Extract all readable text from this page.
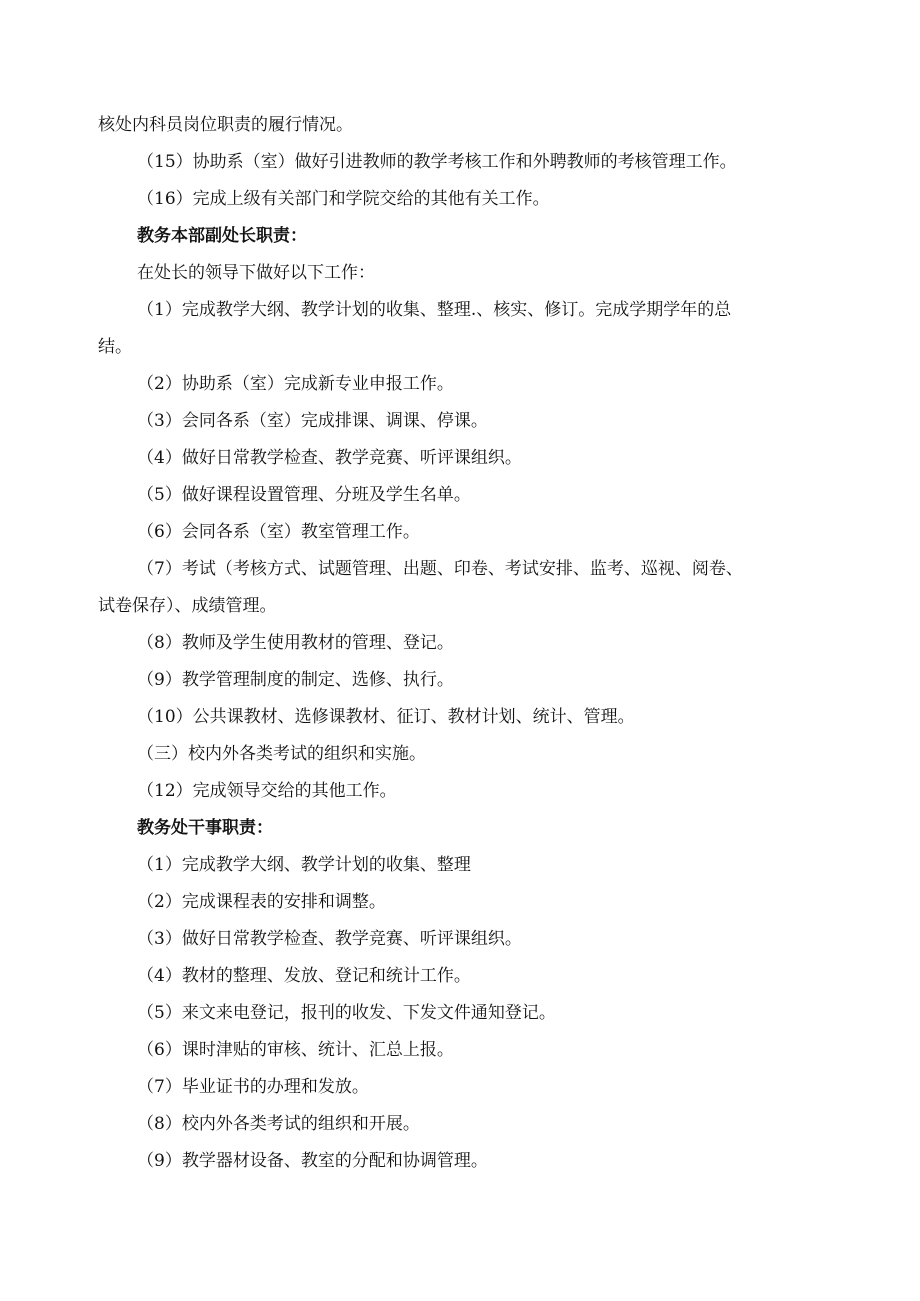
核处内科员岗位职责的履行情况。
（15）协助系（室）做好引进教师的教学考核工作和外聘教师的考核管理工作。
（16）完成上级有关部门和学院交给的其他有关工作。
教务本部副处长职责：
在处长的领导下做好以下工作：
（1）完成教学大纲、教学计划的收集、整理.、核实、修订。完成学期学年的总
结。
（2）协助系（室）完成新专业申报工作。
（3）会同各系（室）完成排课、调课、停课。
（4）做好日常教学检查、教学竞赛、听评课组织。
（5）做好课程设置管理、分班及学生名单。
（6）会同各系（室）教室管理工作。
（7）考试（考核方式、试题管理、出题、印卷、考试安排、监考、巡视、阅卷、
试卷保存）、成绩管理。
（8）教师及学生使用教材的管理、登记。
（9）教学管理制度的制定、选修、执行。
（10）公共课教材、选修课教材、征订、教材计划、统计、管理。
（三）校内外各类考试的组织和实施。
（12）完成领导交给的其他工作。
教务处干事职责：
（1）完成教学大纲、教学计划的收集、整理
（2）完成课程表的安排和调整。
（3）做好日常教学检查、教学竞赛、听评课组织。
（4）教材的整理、发放、登记和统计工作。
（5）来文来电登记，报刊的收发、下发文件通知登记。
（6）课时津贴的审核、统计、汇总上报。
（7）毕业证书的办理和发放。
（8）校内外各类考试的组织和开展。
（9）教学器材设备、教室的分配和协调管理。
